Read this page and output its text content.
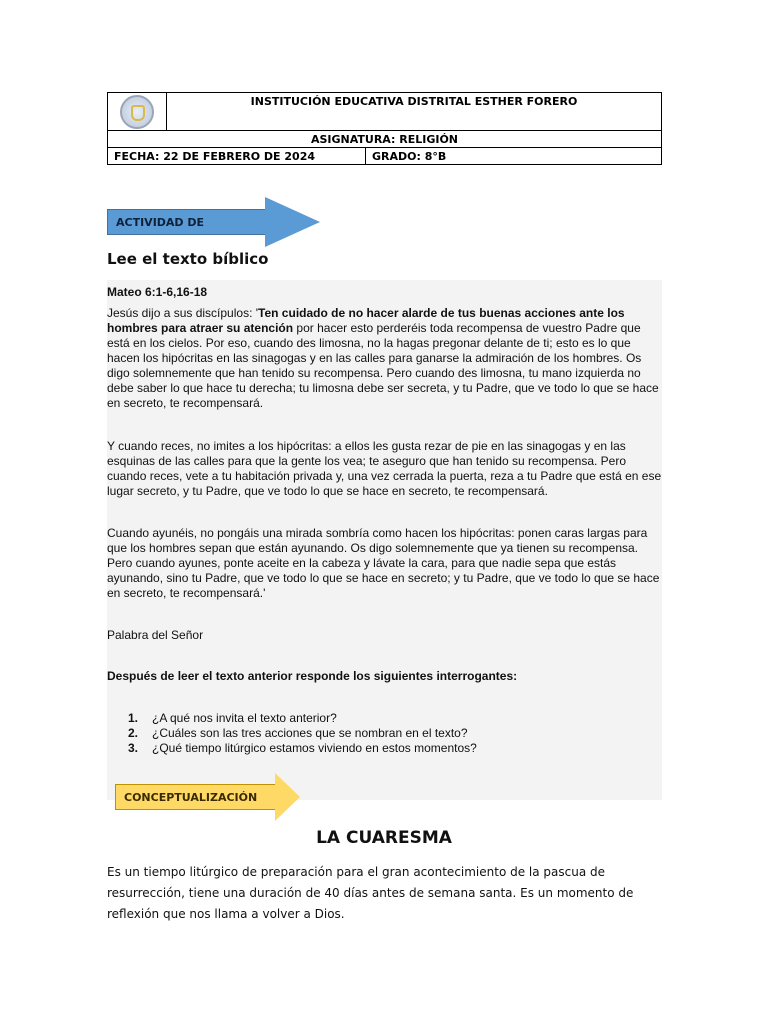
	INSTITUCIÓN EDUCATIVA DISTRITAL ESTHER FORERO	
ASIGNATURA: RELIGIÓN		
FECHA: 22 DE FEBRERO DE 2024		GRADO: 8°B
ACTIVIDAD DE
Lee el texto bíblico

Mateo 6:1-6,16-18

Jesús dijo a sus discípulos: 'Ten cuidado de no hacer alarde de tus buenas acciones ante los hombres para atraer su atención por hacer esto perderéis toda recompensa de vuestro Padre que está en los cielos. Por eso, cuando des limosna, no la hagas pregonar delante de ti; esto es lo que hacen los hipócritas en las sinagogas y en las calles para ganarse la admiración de los hombres. Os digo solemnemente que han tenido su recompensa. Pero cuando des limosna, tu mano izquierda no debe saber lo que hace tu derecha; tu limosna debe ser secreta, y tu Padre, que ve todo lo que se hace en secreto, te recompensará.

Y cuando reces, no imites a los hipócritas: a ellos les gusta rezar de pie en las sinagogas y en las esquinas de las calles para que la gente los vea; te aseguro que han tenido su recompensa. Pero cuando reces, vete a tu habitación privada y, una vez cerrada la puerta, reza a tu Padre que está en ese lugar secreto, y tu Padre, que ve todo lo que se hace en secreto, te recompensará.

Cuando ayunéis, no pongáis una mirada sombría como hacen los hipócritas: ponen caras largas para que los hombres sepan que están ayunando. Os digo solemnemente que ya tienen su recompensa. Pero cuando ayunes, ponte aceite en la cabeza y lávate la cara, para que nadie sepa que estás ayunando, sino tu Padre, que ve todo lo que se hace en secreto; y tu Padre, que ve todo lo que se hace en secreto, te recompensará.'

Palabra del Señor

Después de leer el texto anterior responde los siguientes interrogantes:

1.	¿A qué nos invita el texto anterior?
2.	¿Cuáles son las tres acciones que se nombran en el texto?
3.	¿Qué tiempo litúrgico estamos viviendo en estos momentos?
CONCEPTUALIZACIÓN
LA CUARESMA

Es un tiempo litúrgico de preparación para el gran acontecimiento de la pascua de resurrección, tiene una duración de 40 días antes de semana santa. Es un momento de reflexión que nos llama a volver a Dios.
